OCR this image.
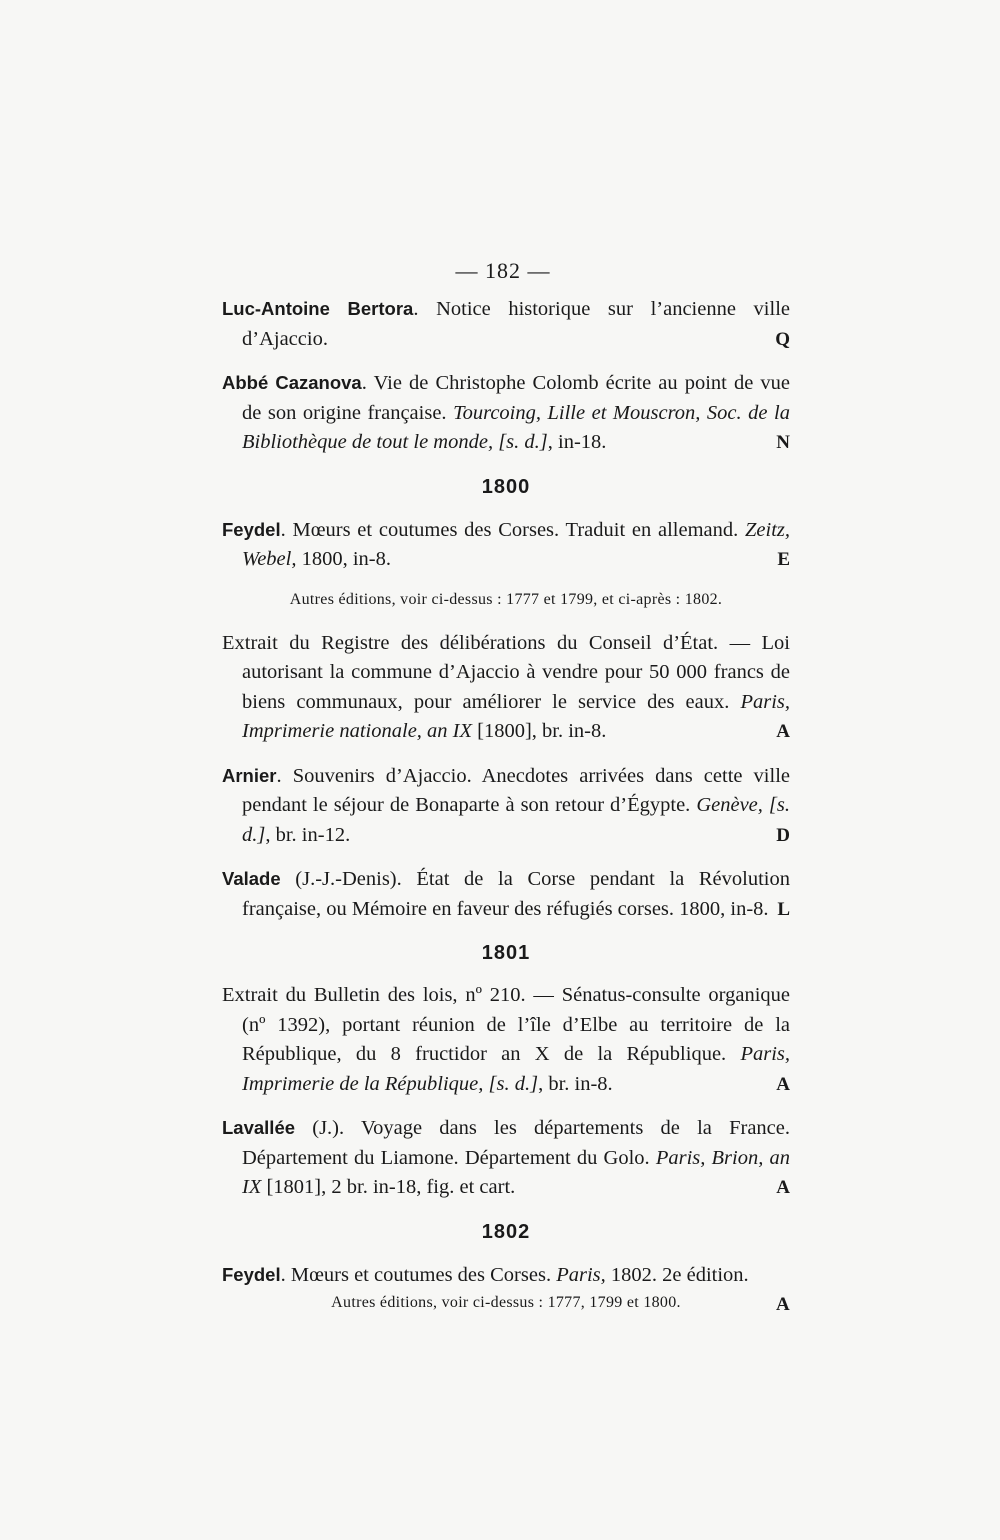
— 182 —
Luc-Antoine Bertora. Notice historique sur l’ancienne ville d’Ajaccio.	Q
Abbé Cazanova. Vie de Christophe Colomb écrite au point de vue de son origine française. Tourcoing, Lille et Mouscron, Soc. de la Bibliothèque de tout le monde, [s. d.], in-18.	N
1800
Feydel. Mœurs et coutumes des Corses. Traduit en allemand. Zeitz, Webel, 1800, in-8.	E
Autres éditions, voir ci-dessus : 1777 et 1799, et ci-après : 1802.
Extrait du Registre des délibérations du Conseil d’État. — Loi autorisant la commune d’Ajaccio à vendre pour 50 000 francs de biens communaux, pour améliorer le service des eaux. Paris, Imprimerie nationale, an IX [1800], br. in-8.	A
Arnier. Souvenirs d’Ajaccio. Anecdotes arrivées dans cette ville pendant le séjour de Bonaparte à son retour d’Égypte. Genève, [s. d.], br. in-12.	D
Valade (J.-J.-Denis). État de la Corse pendant la Révolution française, ou Mémoire en faveur des réfugiés corses. 1800, in-8. L
1801
Extrait du Bulletin des lois, nº 210. — Sénatus-consulte organique (nº 1392), portant réunion de l’île d’Elbe au territoire de la République, du 8 fructidor an X de la République. Paris, Imprimerie de la République, [s. d.], br. in-8.	A
Lavallée (J.). Voyage dans les départements de la France. Département du Liamone. Département du Golo. Paris, Brion, an IX [1801], 2 br. in-18, fig. et cart.	A
1802
Feydel. Mœurs et coutumes des Corses. Paris, 1802. 2e édition.
Autres éditions, voir ci-dessus : 1777, 1799 et 1800.	A
